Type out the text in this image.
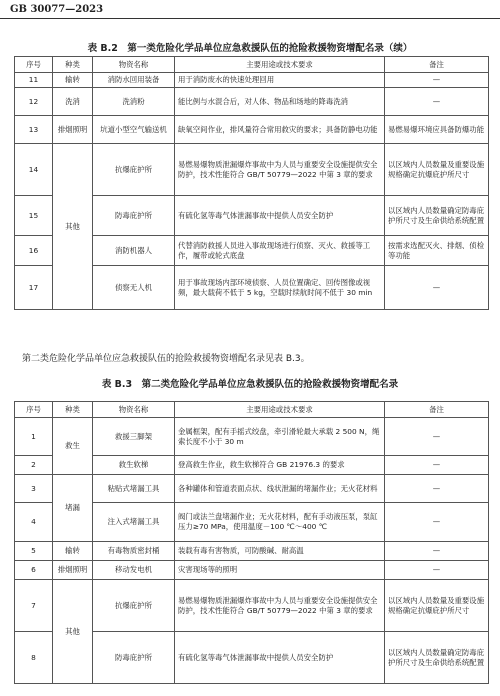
GB 30077—2023
表 B.2　第一类危险化学品单位应急救援队伍的抢险救援物资增配名录（续）
序号	种类	物资名称	主要用途或技术要求	备注
11	输转	消防水回用装备	用于消防废水的快速处理回用	—
12	洗消	洗消粉	能比例与水混合后，对人体、物品和场地的降毒洗消	—
13	排烟照明	坑道小型空气输送机	缺氧空间作业，排风量符合常用救灾的要求；具备防静电功能	易燃易爆环境应具备防爆功能
14	其他	抗爆庇护所	易燃易爆物质泄漏爆炸事故中为人员与重要安全设施提供安全防护，技术性能符合 GB/T 50779—2022 中第 3 章的要求	以区域内人员数量及重要设施规格确定抗爆庇护所尺寸
15		防毒庇护所	有硫化氢等毒气体泄漏事故中提供人员安全防护	以区域内人员数量确定防毒庇护所尺寸及生命供给系统配置
16		消防机器人	代替消防救援人员进入事故现场进行侦察、灭火、救援等工作，履带或轮式底盘	按需求选配灭火、排烟、侦检等功能
17		侦察无人机	用于事故现场内部环境侦察、人员位置确定、回传图像或视频，最大载荷不低于 5 kg，空载时续航时间不低于 30 min	—
第二类危险化学品单位应急救援队伍的抢险救援物资增配名录见表 B.3。
表 B.3　第二类危险化学品单位应急救援队伍的抢险救援物资增配名录
序号	种类	物资名称	主要用途或技术要求	备注
1	救生	救援三脚架	金属框架，配有手摇式绞盘，牵引滑轮最大承载 2 500 N，绳索长度不小于 30 m	—
2		救生软梯	登高救生作业，救生软梯符合 GB 21976.3 的要求	—
3	堵漏	粘贴式堵漏工具	各种罐体和管道表面点状、线状泄漏的堵漏作业；无火花材料	—
4		注入式堵漏工具	阀门或法兰盘堵漏作业；无火花材料，配有手动液压泵，泵缸压力≥70 MPa，使用温度－100 ℃～400 ℃	—
5	输转	有毒物质密封桶	装载有毒有害物质，可防酸碱、耐高温	—
6	排烟照明	移动发电机	灾害现场等的照明	—
7	其他	抗爆庇护所	易燃易爆物质泄漏爆炸事故中为人员与重要安全设施提供安全防护，技术性能符合 GB/T 50779—2022 中第 3 章的要求	以区域内人员数量及重要设施规格确定抗爆庇护所尺寸
8		防毒庇护所	有硫化氢等毒气体泄漏事故中提供人员安全防护	以区域内人员数量确定防毒庇护所尺寸及生命供给系统配置
